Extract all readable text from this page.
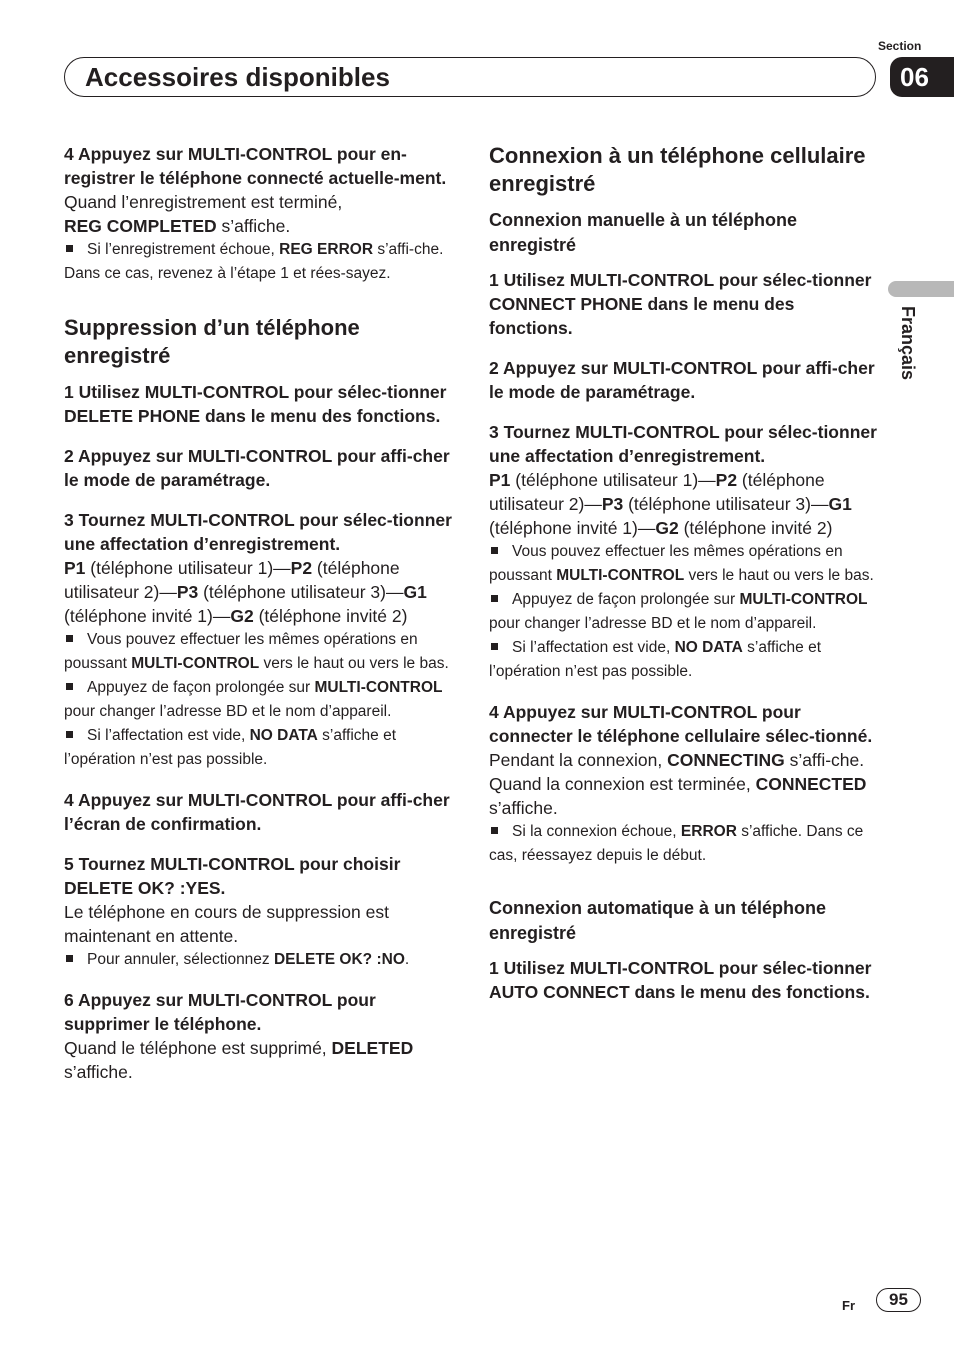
Section
06
Accessoires disponibles
Français

4 Appuyez sur MULTI-CONTROL pour en-registrer le téléphone connecté actuelle-ment.

Quand l’enregistrement est terminé,
REG COMPLETED s’affiche.

Si l’enregistrement échoue, REG ERROR s’affi-che. Dans ce cas, revenez à l’étape 1 et rées-sayez.

Suppression d’un téléphone enregistré

1 Utilisez MULTI-CONTROL pour sélec-tionner DELETE PHONE dans le menu des fonctions.

2 Appuyez sur MULTI-CONTROL pour affi-cher le mode de paramétrage.

3 Tournez MULTI-CONTROL pour sélec-tionner une affectation d’enregistrement.

P1 (téléphone utilisateur 1)—P2 (téléphone utilisateur 2)—P3 (téléphone utilisateur 3)—G1 (téléphone invité 1)—G2 (téléphone invité 2)

Vous pouvez effectuer les mêmes opérations en poussant MULTI-CONTROL vers le haut ou vers le bas.

Appuyez de façon prolongée sur MULTI-CONTROL pour changer l’adresse BD et le nom d’appareil.

Si l’affectation est vide, NO DATA s’affiche et l’opération n’est pas possible.

4 Appuyez sur MULTI-CONTROL pour affi-cher l’écran de confirmation.

5 Tournez MULTI-CONTROL pour choisir DELETE OK? :YES.

Le téléphone en cours de suppression est maintenant en attente.

Pour annuler, sélectionnez DELETE OK? :NO.

6 Appuyez sur MULTI-CONTROL pour supprimer le téléphone.

Quand le téléphone est supprimé, DELETED s’affiche.

Connexion à un téléphone cellulaire enregistré
Connexion manuelle à un téléphone enregistré

1 Utilisez MULTI-CONTROL pour sélec-tionner CONNECT PHONE dans le menu des fonctions.

2 Appuyez sur MULTI-CONTROL pour affi-cher le mode de paramétrage.

3 Tournez MULTI-CONTROL pour sélec-tionner une affectation d’enregistrement.

P1 (téléphone utilisateur 1)—P2 (téléphone utilisateur 2)—P3 (téléphone utilisateur 3)—G1 (téléphone invité 1)—G2 (téléphone invité 2)

Vous pouvez effectuer les mêmes opérations en poussant MULTI-CONTROL vers le haut ou vers le bas.

Appuyez de façon prolongée sur MULTI-CONTROL pour changer l’adresse BD et le nom d’appareil.

Si l’affectation est vide, NO DATA s’affiche et l’opération n’est pas possible.

4 Appuyez sur MULTI-CONTROL pour connecter le téléphone cellulaire sélec-tionné.

Pendant la connexion, CONNECTING s’affi-che. Quand la connexion est terminée, CONNECTED s’affiche.

Si la connexion échoue, ERROR s’affiche. Dans ce cas, réessayez depuis le début.

Connexion automatique à un téléphone enregistré

1 Utilisez MULTI-CONTROL pour sélec-tionner AUTO CONNECT dans le menu des fonctions.

Fr	95
